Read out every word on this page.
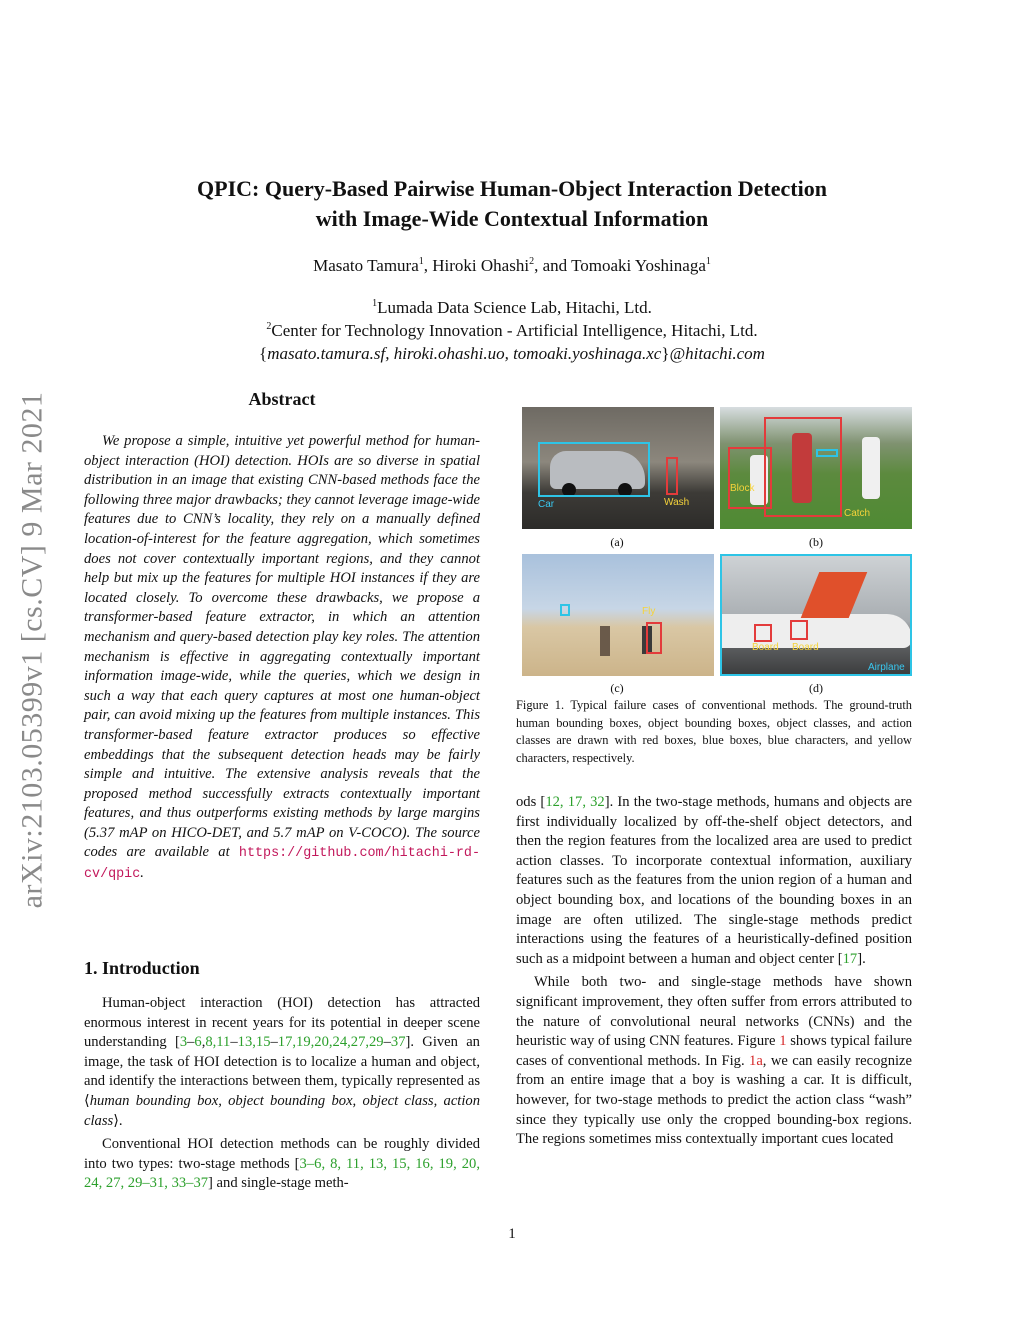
arXiv:2103.05399v1 [cs.CV] 9 Mar 2021
QPIC: Query-Based Pairwise Human-Object Interaction Detection
with Image-Wide Contextual Information
Masato Tamura$^1$, Hiroki Ohashi$^2$, and Tomoaki Yoshinaga$^1$
$^1$Lumada Data Science Lab, Hitachi, Ltd.
$^2$Center for Technology Innovation - Artificial Intelligence, Hitachi, Ltd.
{masato.tamura.sf, hiroki.ohashi.uo, tomoaki.yoshinaga.xc}@hitachi.com
Abstract

We propose a simple, intuitive yet powerful method for human-object interaction (HOI) detection. HOIs are so diverse in spatial distribution in an image that existing CNN-based methods face the following three major drawbacks; they cannot leverage image-wide features due to CNN’s locality, they rely on a manually defined location-of-interest for the feature aggregation, which sometimes does not cover contextually important regions, and they cannot help but mix up the features for multiple HOI instances if they are located closely. To overcome these drawbacks, we propose a transformer-based feature extractor, in which an attention mechanism and query-based detection play key roles. The attention mechanism is effective in aggregating contextually important information image-wide, while the queries, which we design in such a way that each query captures at most one human-object pair, can avoid mixing up the features from multiple instances. This transformer-based feature extractor produces so effective embeddings that the subsequent detection heads may be fairly simple and intuitive. The extensive analysis reveals that the proposed method successfully extracts contextually important features, and thus outperforms existing methods by large margins (5.37 mAP on HICO-DET, and 5.7 mAP on V-COCO). The source codes are available at https://github.com/hitachi-rd-cv/qpic.

1. Introduction

Human-object interaction (HOI) detection has attracted enormous interest in recent years for its potential in deeper scene understanding [3–6,8,11–13,15–17,19,20,24,27,29–37]. Given an image, the task of HOI detection is to localize a human and object, and identify the interactions between them, typically represented as ⟨human bounding box, object bounding box, object class, action class⟩.

Conventional HOI detection methods can be roughly divided into two types: two-stage methods [3–6, 8, 11, 13, 15, 16, 19, 20, 24, 27, 29–31, 33–37] and single-stage meth-

Car	Wash
(a)
Block
Catch
(b)
Fly
(c)
Board Board
Airplane
(d)

Figure 1. Typical failure cases of conventional methods. The ground-truth human bounding boxes, object bounding boxes, object classes, and action classes are drawn with red boxes, blue boxes, blue characters, and yellow characters, respectively.

ods [12, 17, 32]. In the two-stage methods, humans and objects are first individually localized by off-the-shelf object detectors, and then the region features from the localized area are used to predict action classes. To incorporate contextual information, auxiliary features such as the features from the union region of a human and object bounding box, and locations of the bounding boxes in an image are often utilized. The single-stage methods predict interactions using the features of a heuristically-defined position such as a midpoint between a human and object center [17].

While both two- and single-stage methods have shown significant improvement, they often suffer from errors attributed to the nature of convolutional neural networks (CNNs) and the heuristic way of using CNN features. Figure 1 shows typical failure cases of conventional methods. In Fig. 1a, we can easily recognize from an entire image that a boy is washing a car. It is difficult, however, for two-stage methods to predict the action class “wash” since they typically use only the cropped bounding-box regions. The regions sometimes miss contextually important cues located

1
